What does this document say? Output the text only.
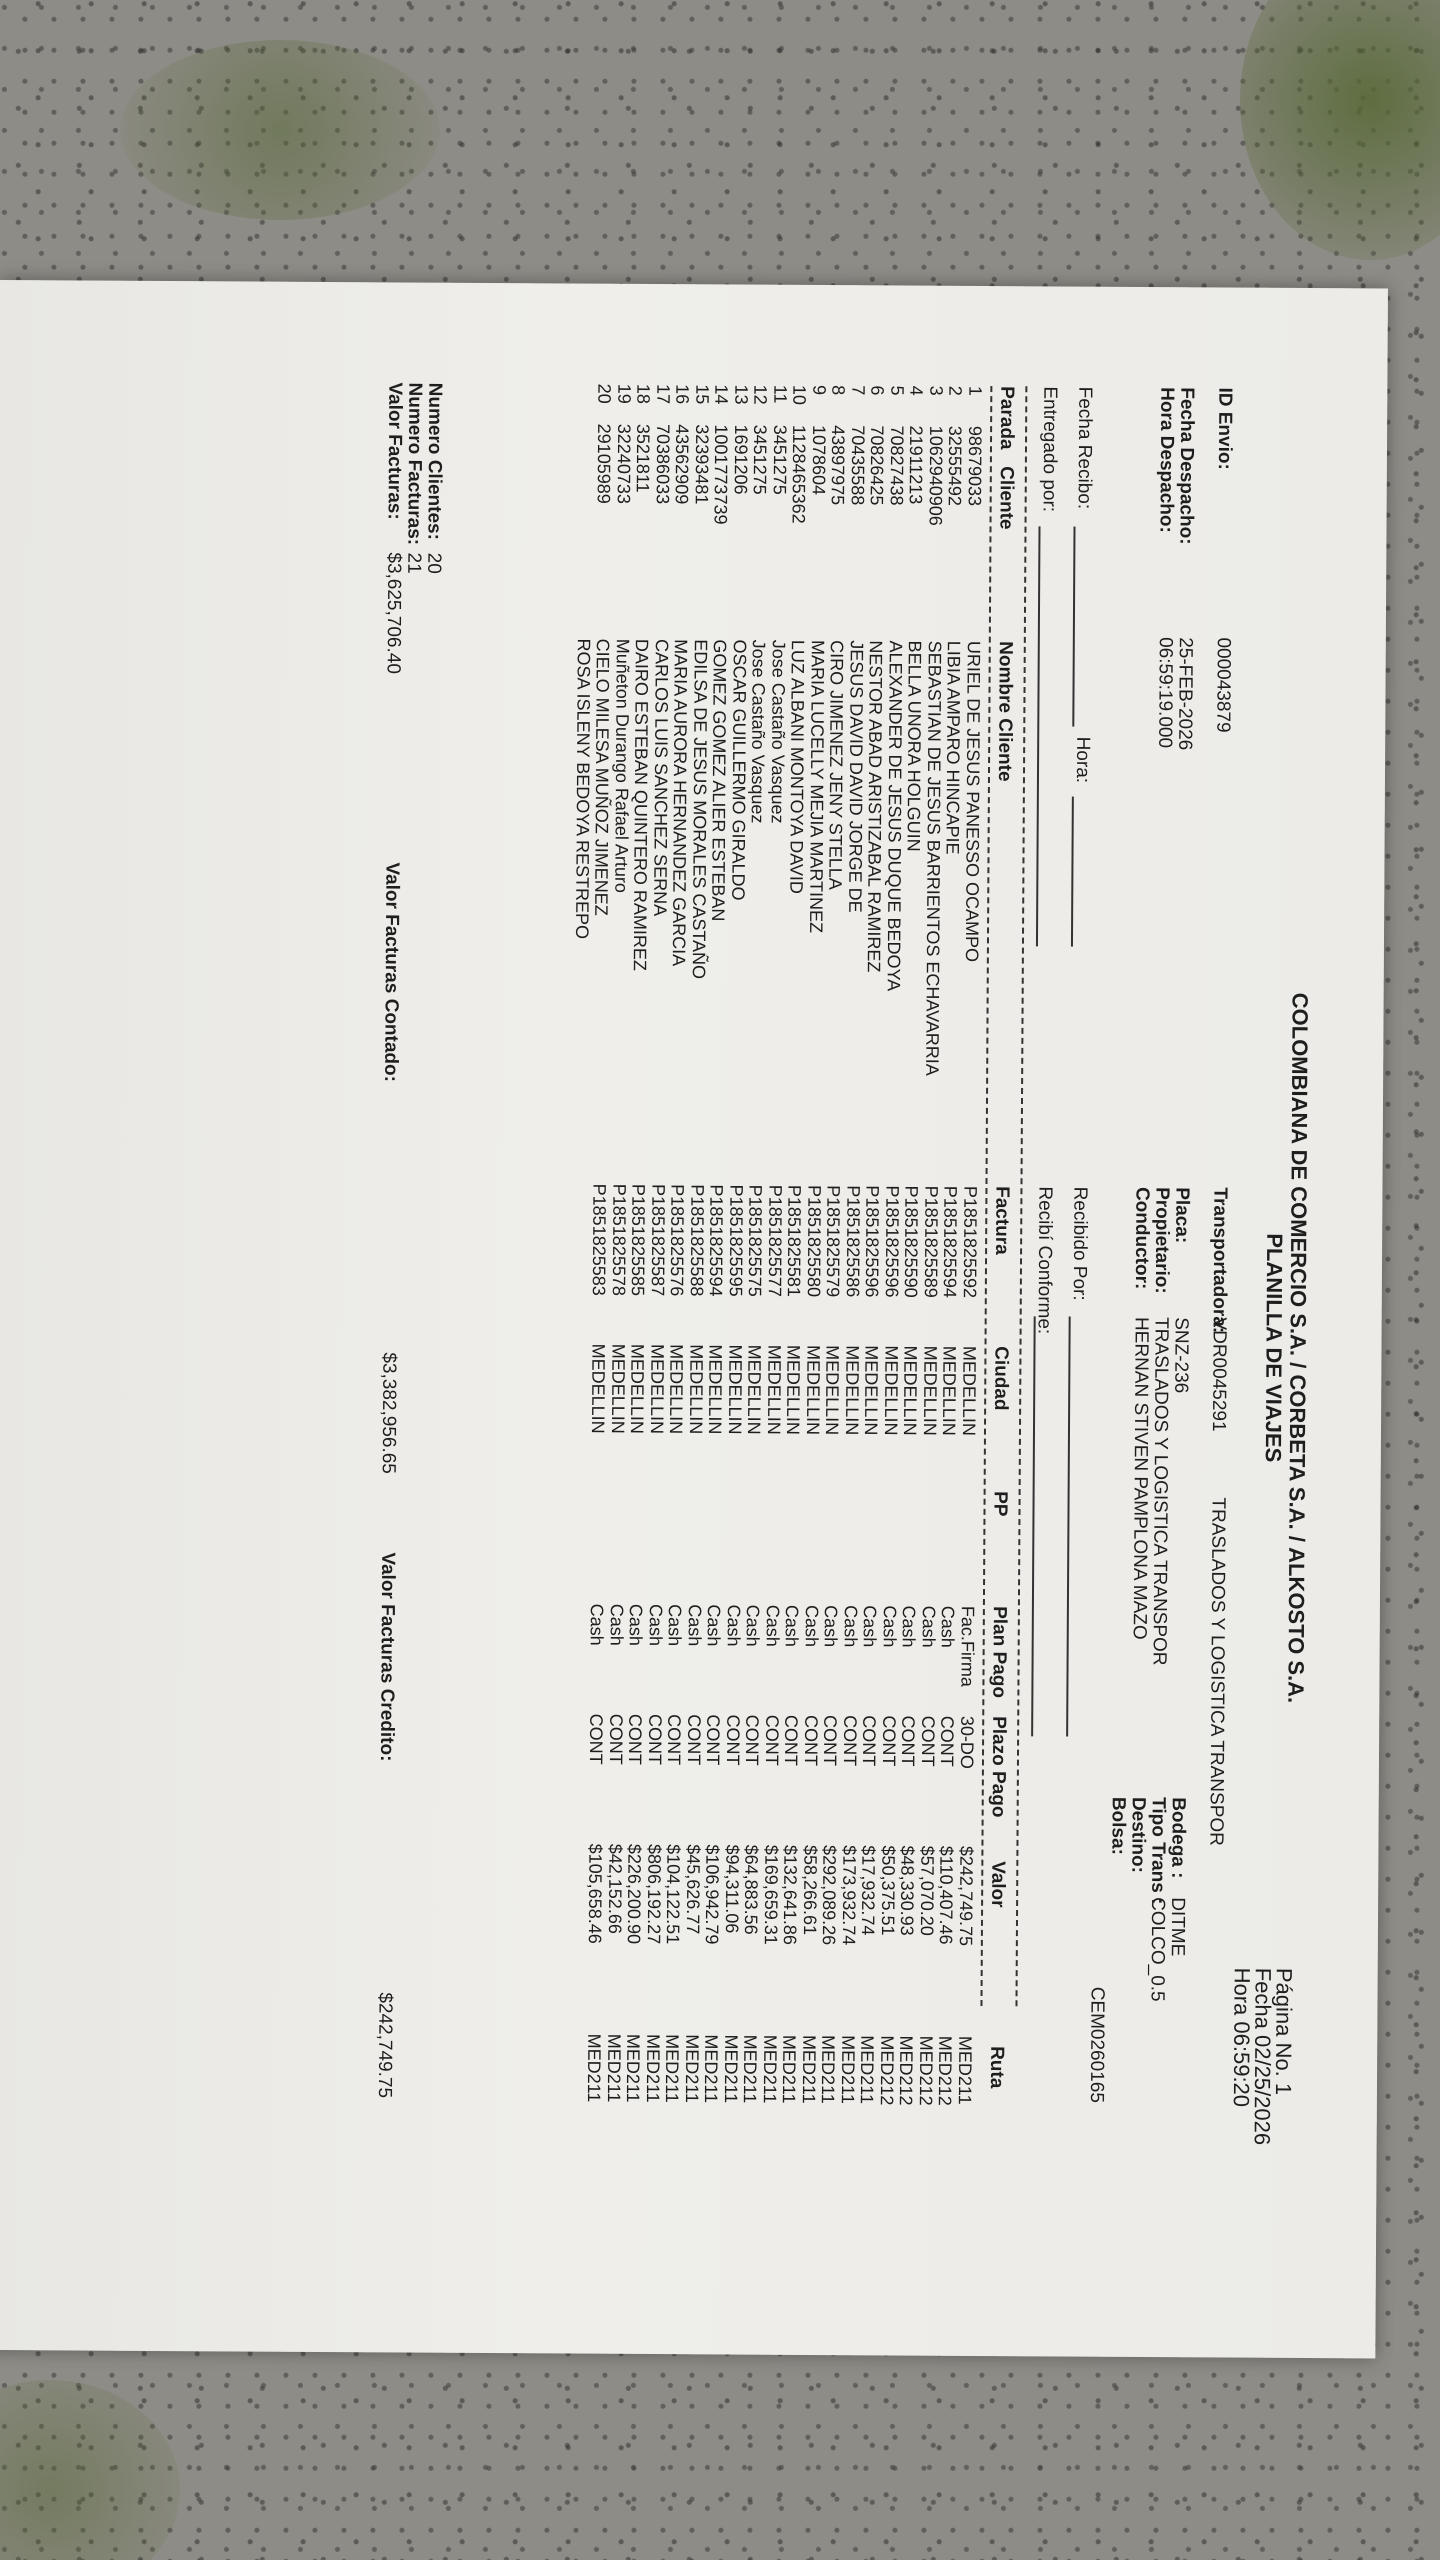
COLOMBIANA DE COMERCIO S.A. / CORBETA S.A. / ALKOSTO S.A.
PLANILLA DE VIAJES
Página No. 1
Fecha 02/25/2026
Hora 06:59:20
ID Envio:
000043879
Fecha Despacho:
25-FEB-2026
Hora Despacho:
06:59:19.000
Transportadora:
VDR0045291
TRASLADOS Y LOGISTICA TRANSPOR
Placa:
SNZ-236
Propietario:
TRASLADOS Y LOGISTICA TRANSPOR
Conductor:
HERNAN STIVEN PAMPLONA MAZO
Bodega :
DITME
Tipo Trans :
COLCO_0.5
Destino:
Bolsa:
CEM0260165
Fecha Recibo:
Hora:
Recibido Por:
Entregado por:
Recibí Conforme:
Parada
Cliente
Nombre Cliente
Factura
Ciudad
PP
Plan Pago
Plazo Pago
Valor
Ruta
1
2
3
4
5
6
7
8
9
10
11
12
13
14
15
16
17
18
19
20
98679033
32555492
1062940906
21911213
70827438
70826425
70435588
43897975
1078604
1128465362
3451275
3451275
1691206
1001773739
32393481
43562909
70386033
3521811
32240733
29105989
URIEL DE JESUS PANESSO OCAMPO
LIBIA AMPARO HINCAPIE
SEBASTIAN DE JESUS BARRIENTOS ECHAVARRIA
BELLA UNORA HOLGUIN
ALEXANDER DE JESUS DUQUE BEDOYA
NESTOR ABAD ARISTIZABAL RAMIREZ
JESUS DAVID DAVID JORGE DE
CIRO JIMENEZ JENY STELLA
MARIA LUCELLY MEJIA MARTINEZ
LUZ ALBANI MONTOYA DAVID
Jose Castaño Vasquez
Jose Castaño Vasquez
OSCAR GUILLERMO GIRALDO
GOMEZ GOMEZ ALIER ESTEBAN
EDILSA DE JESUS MORALES CASTAÑO
MARIA AURORA HERNANDEZ GARCIA
CARLOS LUIS SANCHEZ SERNA
DAIRO ESTEBAN QUINTERO RAMIREZ
Muñeton Durango Rafael Arturo
CIELO MILESA MUÑOZ JIMENEZ
ROSA ISLENY BEDOYA RESTREPO
P1851825592
P1851825594
P1851825589
P1851825590
P1851825596
P1851825596
P1851825586
P1851825579
P1851825580
P1851825581
P1851825577
P1851825575
P1851825595
P1851825594
P1851825588
P1851825576
P1851825587
P1851825585
P1851825578
P1851825583
MEDELLIN
MEDELLIN
MEDELLIN
MEDELLIN
MEDELLIN
MEDELLIN
MEDELLIN
MEDELLIN
MEDELLIN
MEDELLIN
MEDELLIN
MEDELLIN
MEDELLIN
MEDELLIN
MEDELLIN
MEDELLIN
MEDELLIN
MEDELLIN
MEDELLIN
MEDELLIN
Fac.Firma
Cash
Cash
Cash
Cash
Cash
Cash
Cash
Cash
Cash
Cash
Cash
Cash
Cash
Cash
Cash
Cash
Cash
Cash
Cash
30-DO
CONT
CONT
CONT
CONT
CONT
CONT
CONT
CONT
CONT
CONT
CONT
CONT
CONT
CONT
CONT
CONT
CONT
CONT
CONT
$242,749.75
$110,407.46
$57,070.20
$48,330.93
$50,375.51
$17,932.74
$173,932.74
$292,089.26
$58,266.61
$132,641.86
$169,659.31
$64,883.56
$94,311.06
$106,942.79
$45,626.77
$104,122.51
$806,192.27
$226,200.90
$42,152.66
$105,658.46
MED211
MED212
MED212
MED212
MED212
MED211
MED211
MED211
MED211
MED211
MED211
MED211
MED211
MED211
MED211
MED211
MED211
MED211
MED211
MED211
Numero Clientes:
20
Numero Facturas:
21
Valor Facturas:
$3,625,706.40
Valor Facturas Contado:
$3,382,956.65
Valor Facturas Credito:
$242,749.75
